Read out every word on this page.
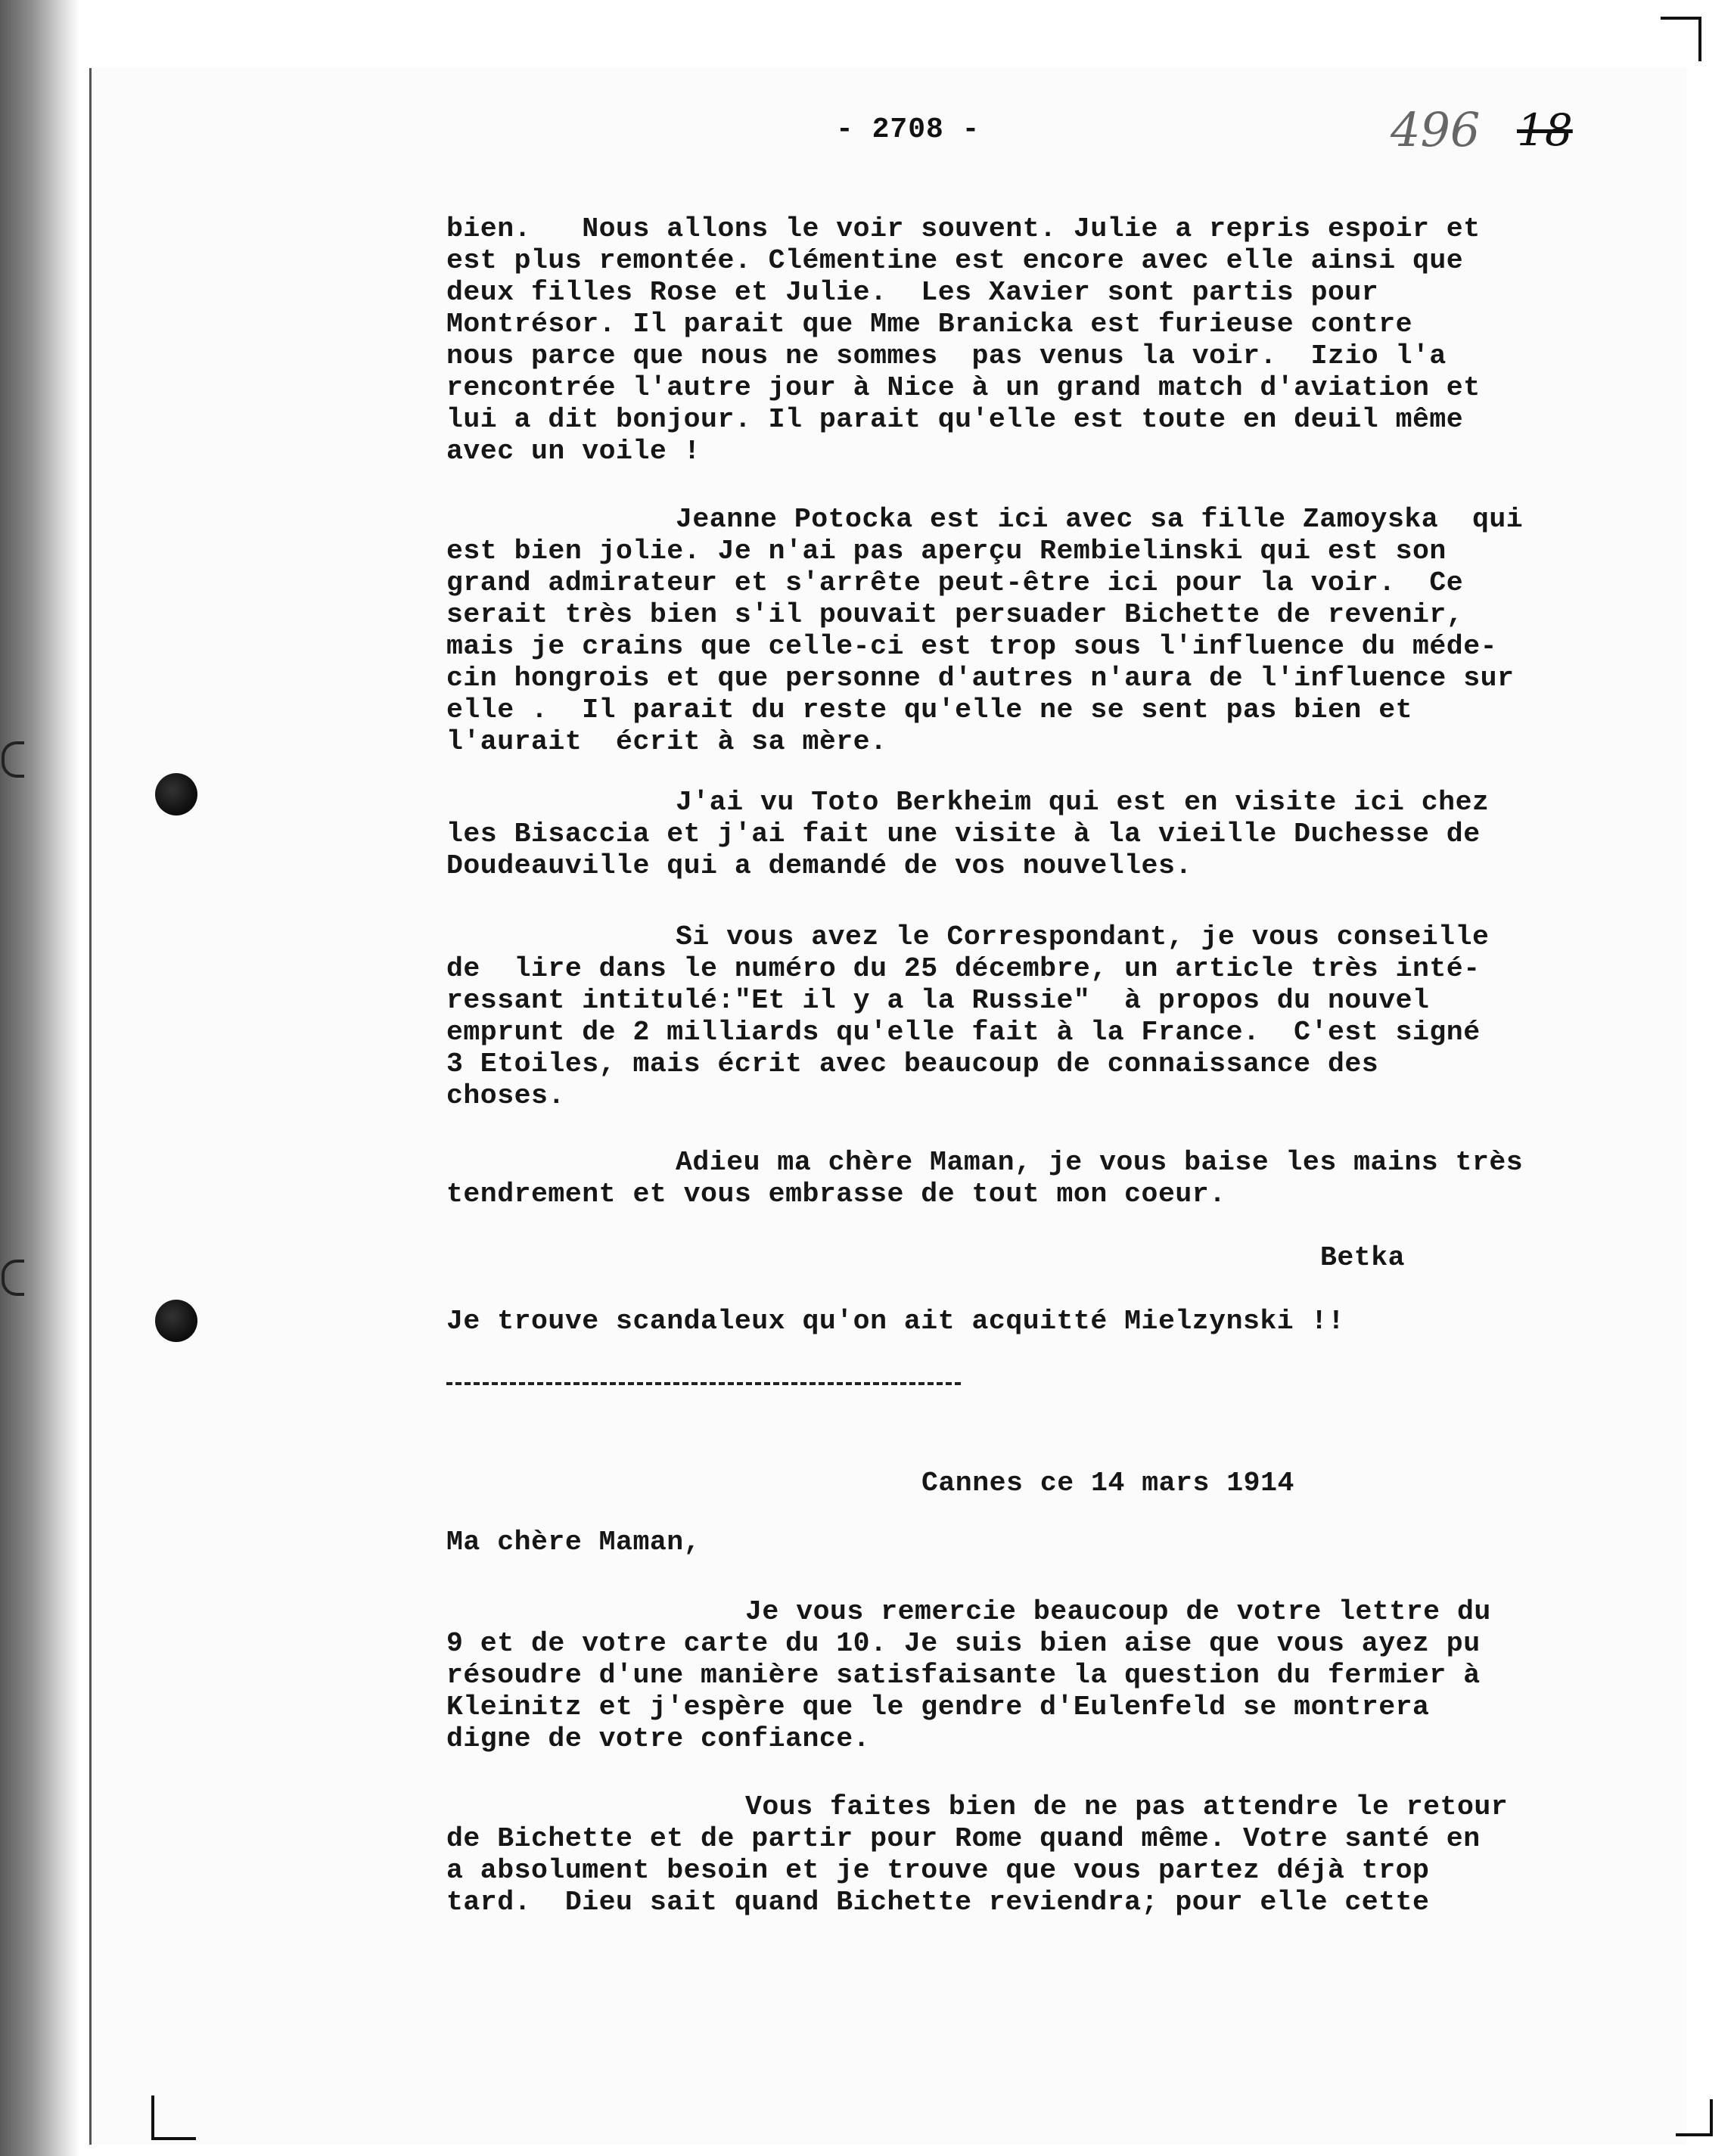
- 2708 -	496 18
bien.   Nous allons le voir souvent. Julie a repris espoir et
est plus remontée. Clémentine est encore avec elle ainsi que
deux filles Rose et Julie.  Les Xavier sont partis pour
Montrésor. Il parait que Mme Branicka est furieuse contre
nous parce que nous ne sommes  pas venus la voir.  Izio l'a
rencontrée l'autre jour à Nice à un grand match d'aviation et
lui a dit bonjour. Il parait qu'elle est toute en deuil même
avec un voile !
Jeanne Potocka est ici avec sa fille Zamoyska  qui
est bien jolie. Je n'ai pas aperçu Rembielinski qui est son
grand admirateur et s'arrête peut-être ici pour la voir.  Ce
serait très bien s'il pouvait persuader Bichette de revenir,
mais je crains que celle-ci est trop sous l'influence du méde-
cin hongrois et que personne d'autres n'aura de l'influence sur
elle .  Il parait du reste qu'elle ne se sent pas bien et
l'aurait  écrit à sa mère.
J'ai vu Toto Berkheim qui est en visite ici chez
les Bisaccia et j'ai fait une visite à la vieille Duchesse de
Doudeauville qui a demandé de vos nouvelles.
Si vous avez le Correspondant, je vous conseille
de  lire dans le numéro du 25 décembre, un article très inté-
ressant intitulé:"Et il y a la Russie"  à propos du nouvel
emprunt de 2 milliards qu'elle fait à la France.  C'est signé
3 Etoiles, mais écrit avec beaucoup de connaissance des
choses.
Adieu ma chère Maman, je vous baise les mains très
tendrement et vous embrasse de tout mon coeur.
Betka
Je trouve scandaleux qu'on ait acquitté Mielzynski !!
Cannes ce 14 mars 1914
Ma chère Maman,
Je vous remercie beaucoup de votre lettre du
9 et de votre carte du 10. Je suis bien aise que vous ayez pu
résoudre d'une manière satisfaisante la question du fermier à
Kleinitz et j'espère que le gendre d'Eulenfeld se montrera
digne de votre confiance.
Vous faites bien de ne pas attendre le retour
de Bichette et de partir pour Rome quand même. Votre santé en
a absolument besoin et je trouve que vous partez déjà trop
tard.  Dieu sait quand Bichette reviendra; pour elle cette
